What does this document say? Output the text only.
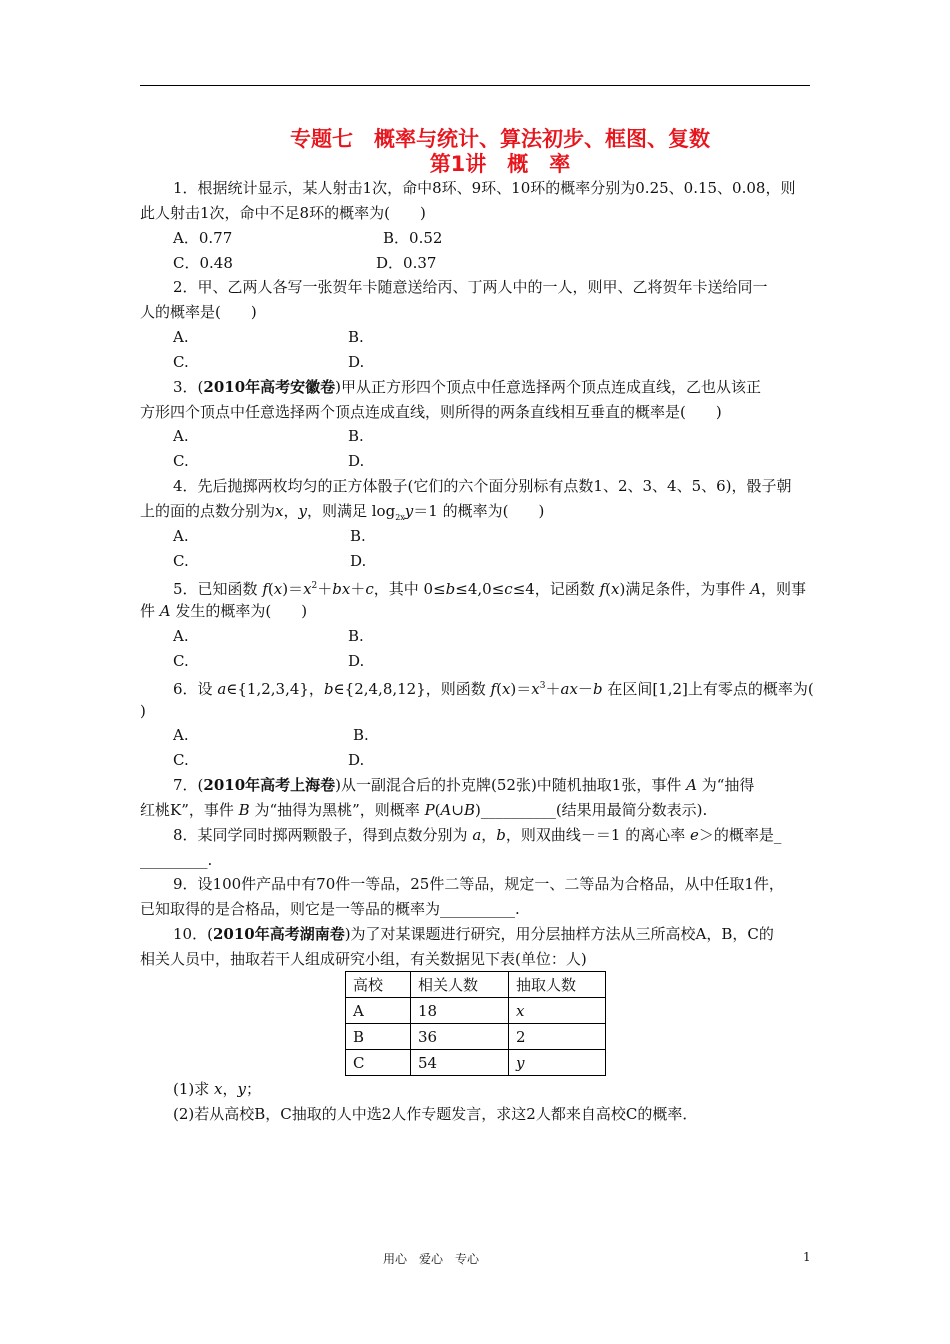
专题七　概率与统计、算法初步、框图、复数
第1讲　概　率
1．根据统计显示，某人射击1次，命中8环、9环、10环的概率分别为0.25、0.15、0.08，则
此人射击1次，命中不足8环的概率为(　　)
A．0.77	B．0.52
C．0.48	D．0.37
2．甲、乙两人各写一张贺年卡随意送给丙、丁两人中的一人，则甲、乙将贺年卡送给同一
人的概率是(　　)
A.	B.
C.	D.
3．(2010年高考安徽卷)甲从正方形四个顶点中任意选择两个顶点连成直线，乙也从该正
方形四个顶点中任意选择两个顶点连成直线，则所得的两条直线相互垂直的概率是(　　)
A.	B.
C.	D.
4．先后抛掷两枚均匀的正方体骰子(它们的六个面分别标有点数1、2、3、4、5、6)，骰子朝
上的面的点数分别为x，y，则满足 $\log_{2x}y=1$ 的概率为(　　)
A.	B.
C.	D.
5．已知函数 $f(x)=x^2+bx+c$，其中 0≤b≤4,0≤c≤4，记函数 f(x)满足条件，为事件 A，则事
件 A 发生的概率为(　　)
A.	B.
C.	D.
6．设 a∈{1,2,3,4}，b∈{2,4,8,12}，则函数 $f(x)=x^3+ax-b$ 在区间[1,2]上有零点的概率为(
)
A.	B.
C.	D.
7．(2010年高考上海卷)从一副混合后的扑克牌(52张)中随机抽取1张，事件 A 为“抽得
红桃K”，事件 B 为“抽得为黑桃”，则概率 P(A∪B)__________(结果用最简分数表示).
8．某同学同时掷两颗骰子，得到点数分别为 a，b，则双曲线－＝1 的离心率 e＞的概率是_
_________.
9．设100件产品中有70件一等品，25件二等品，规定一、二等品为合格品，从中任取1件，
已知取得的是合格品，则它是一等品的概率为__________.
10．(2010年高考湖南卷)为了对某课题进行研究，用分层抽样方法从三所高校A，B，C的
相关人员中，抽取若干人组成研究小组，有关数据见下表(单位：人)
高校	相关人数	抽取人数
A	18	x
B	36	2
C	54	y
(1)求 x，y；
(2)若从高校B，C抽取的人中选2人作专题发言，求这2人都来自高校C的概率．
用心　爱心　专心	1
